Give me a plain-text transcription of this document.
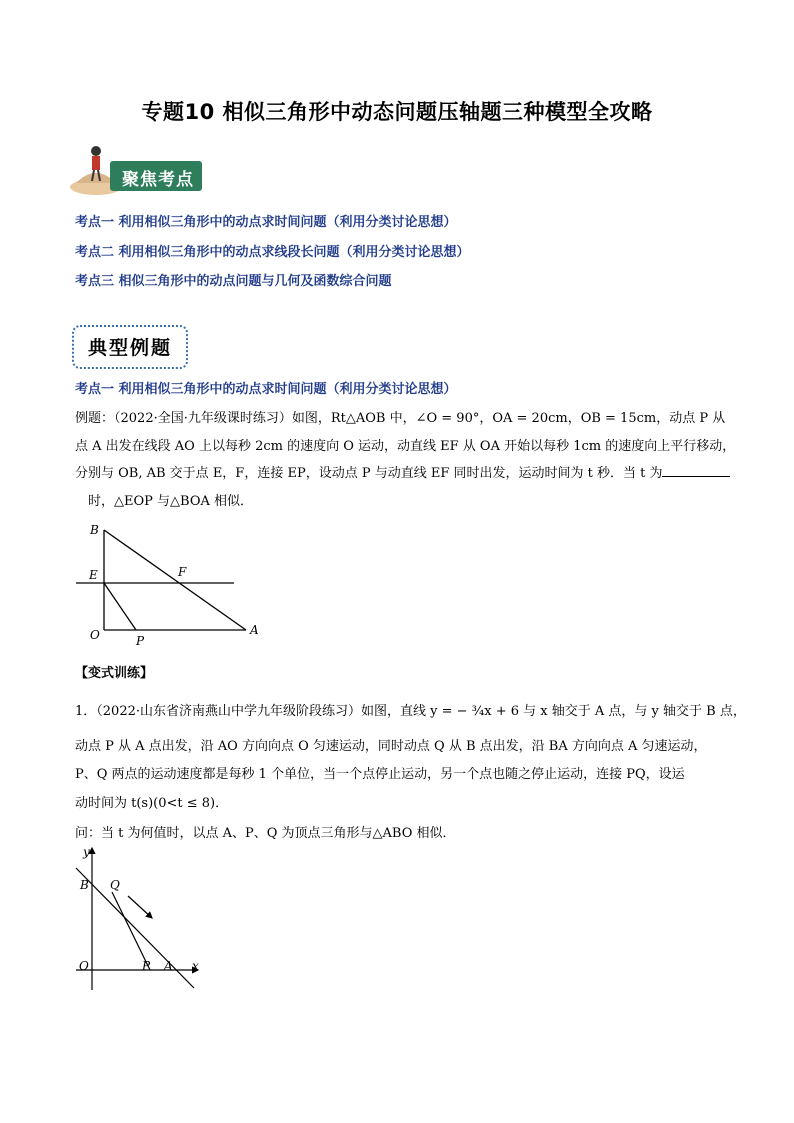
专题10 相似三角形中动态问题压轴题三种模型全攻略
聚焦考点
考点一 利用相似三角形中的动点求时间问题（利用分类讨论思想）
考点二 利用相似三角形中的动点求线段长问题（利用分类讨论思想）
考点三 相似三角形中的动点问题与几何及函数综合问题
典型例题
考点一 利用相似三角形中的动点求时间问题（利用分类讨论思想）
例题：（2022·全国·九年级课时练习）如图，Rt△AOB 中，∠O = 90°，OA = 20cm，OB = 15cm，动点 P 从
点 A 出发在线段 AO 上以每秒 2cm 的速度向 O 运动，动直线 EF 从 OA 开始以每秒 1cm 的速度向上平行移动，
分别与 OB, AB 交于点 E，F，连接 EP，设动点 P 与动直线 EF 同时出发，运动时间为 t 秒．当 t 为
时，△EOP 与△BOA 相似．
B
E	F
O	P
A
【变式训练】
1．（2022·山东省济南燕山中学九年级阶段练习）如图，直线 y = − ¾x + 6 与 x 轴交于 A 点，与 y 轴交于 B 点，
动点 P 从 A 点出发，沿 AO 方向向点 O 匀速运动，同时动点 Q 从 B 点出发，沿 BA 方向向点 A 匀速运动，
P、Q 两点的运动速度都是每秒 1 个单位，当一个点停止运动，另一个点也随之停止运动，连接 PQ，设运
动时间为 t(s)(0<t ≤ 8)．
问：当 t 为何值时，以点 A、P、Q 为顶点三角形与△ABO 相似．
y
B Q
O	P A x
